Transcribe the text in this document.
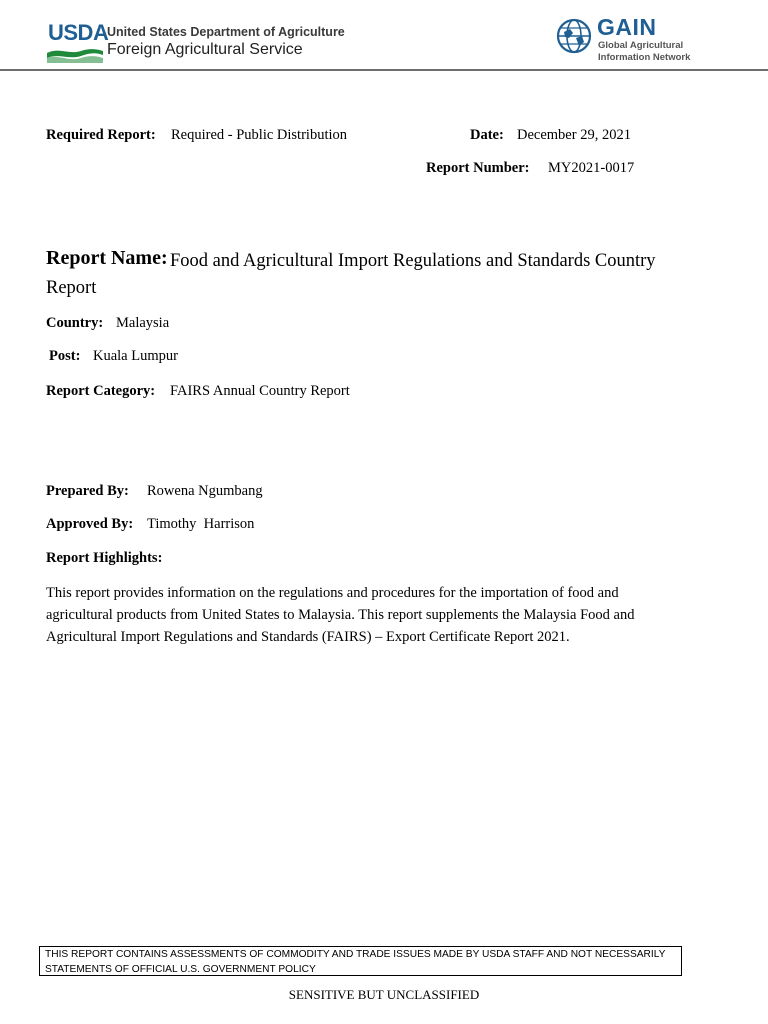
USDA
United States Department of Agriculture
Foreign Agricultural Service
GAIN
Global Agricultural
Information Network
Required Report: Required - Public Distribution	Date: December 29, 2021
Report Number: MY2021-0017
Report Name: Food and Agricultural Import Regulations and Standards Country Report
Country: Malaysia
Post: Kuala Lumpur
Report Category: FAIRS Annual Country Report
Prepared By: Rowena Ngumbang
Approved By: Timothy  Harrison
Report Highlights:
This report provides information on the regulations and procedures for the importation of food and agricultural products from United States to Malaysia. This report supplements the Malaysia Food and Agricultural Import Regulations and Standards (FAIRS) – Export Certificate Report 2021.
THIS REPORT CONTAINS ASSESSMENTS OF COMMODITY AND TRADE ISSUES MADE BY USDA STAFF AND NOT NECESSARILY
STATEMENTS OF OFFICIAL U.S. GOVERNMENT POLICY
SENSITIVE BUT UNCLASSIFIED
